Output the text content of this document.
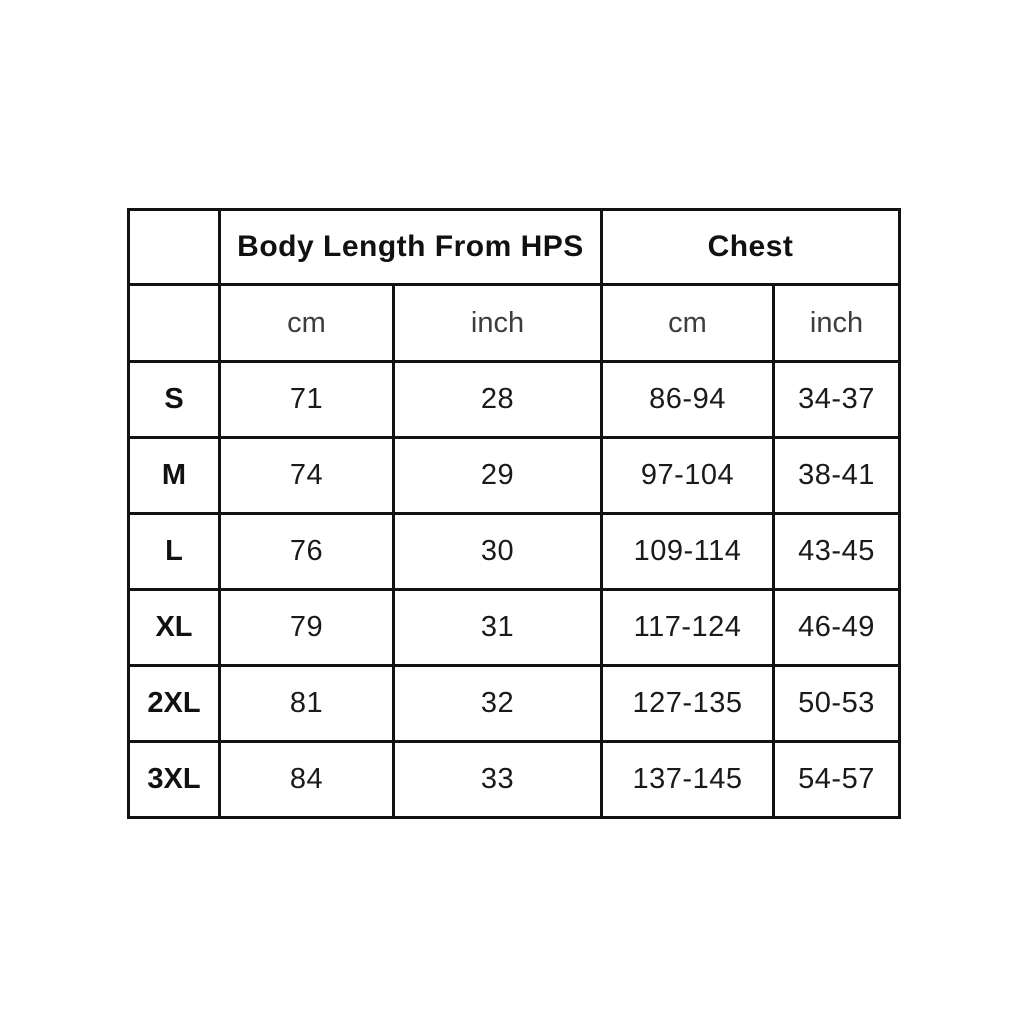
	Body Length From HPS		Chest	
	cm	inch	cm	inch
S	71	28	86-94	34-37
M	74	29	97-104	38-41
L	76	30	109-114	43-45
XL	79	31	117-124	46-49
2XL	81	32	127-135	50-53
3XL	84	33	137-145	54-57
